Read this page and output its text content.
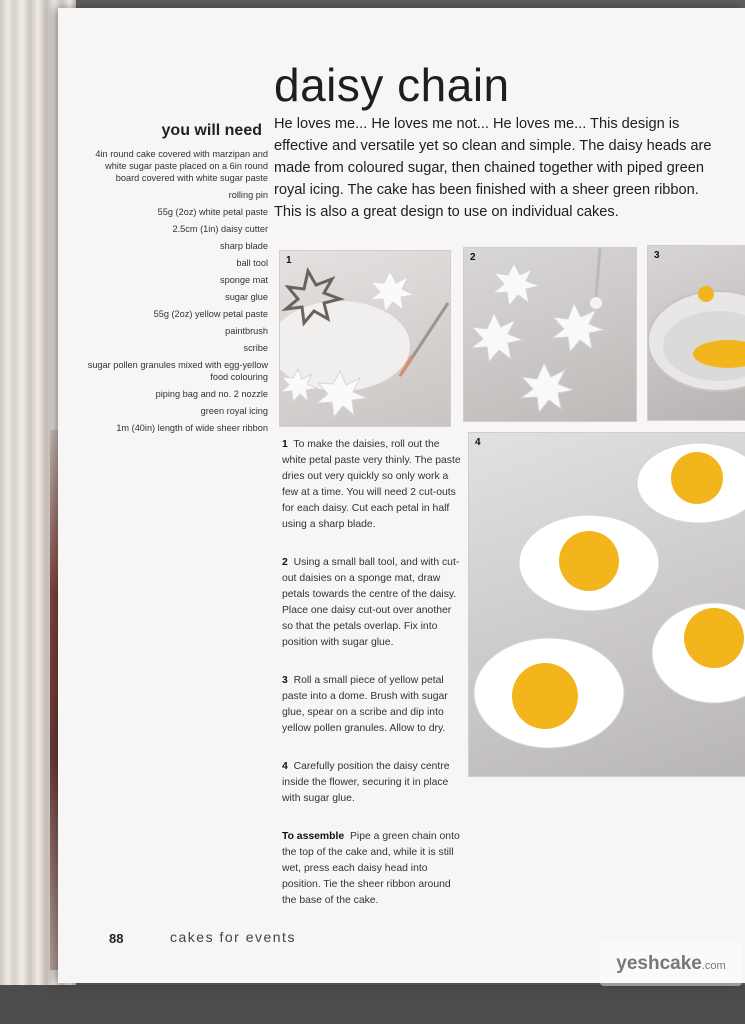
daisy chain
you will need
4in round cake covered with marzipan and white sugar paste placed on a 6in round board covered with white sugar paste
rolling pin
55g (2oz) white petal paste
2.5cm (1in) daisy cutter
sharp blade
ball tool
sponge mat
sugar glue
55g (2oz) yellow petal paste
paintbrush
scribe
sugar pollen granules mixed with egg-yellow food colouring
piping bag and no. 2 nozzle
green royal icing
1m (40in) length of wide sheer ribbon

He loves me... He loves me not... He loves me... This design is effective and versatile yet so clean and simple. The daisy heads are made from coloured sugar, then chained together with piped green royal icing. The cake has been finished with a sheer green ribbon. This is also a great design to use on individual cakes.

1	2	3
4

1 To make the daisies, roll out the white petal paste very thinly. The paste dries out very quickly so only work a few at a time. You will need 2 cut-outs for each daisy. Cut each petal in half using a sharp blade.

2 Using a small ball tool, and with cut-out daisies on a sponge mat, draw petals towards the centre of the daisy. Place one daisy cut-out over another so that the petals overlap. Fix into position with sugar glue.

3 Roll a small piece of yellow petal paste into a dome. Brush with sugar glue, spear on a scribe and dip into yellow pollen granules. Allow to dry.

4 Carefully position the daisy centre inside the flower, securing it in place with sugar glue.

To assemble Pipe a green chain onto the top of the cake and, while it is still wet, press each daisy head into position. Tie the sheer ribbon around the base of the cake.

88	cakes for events
yeshcake.com
